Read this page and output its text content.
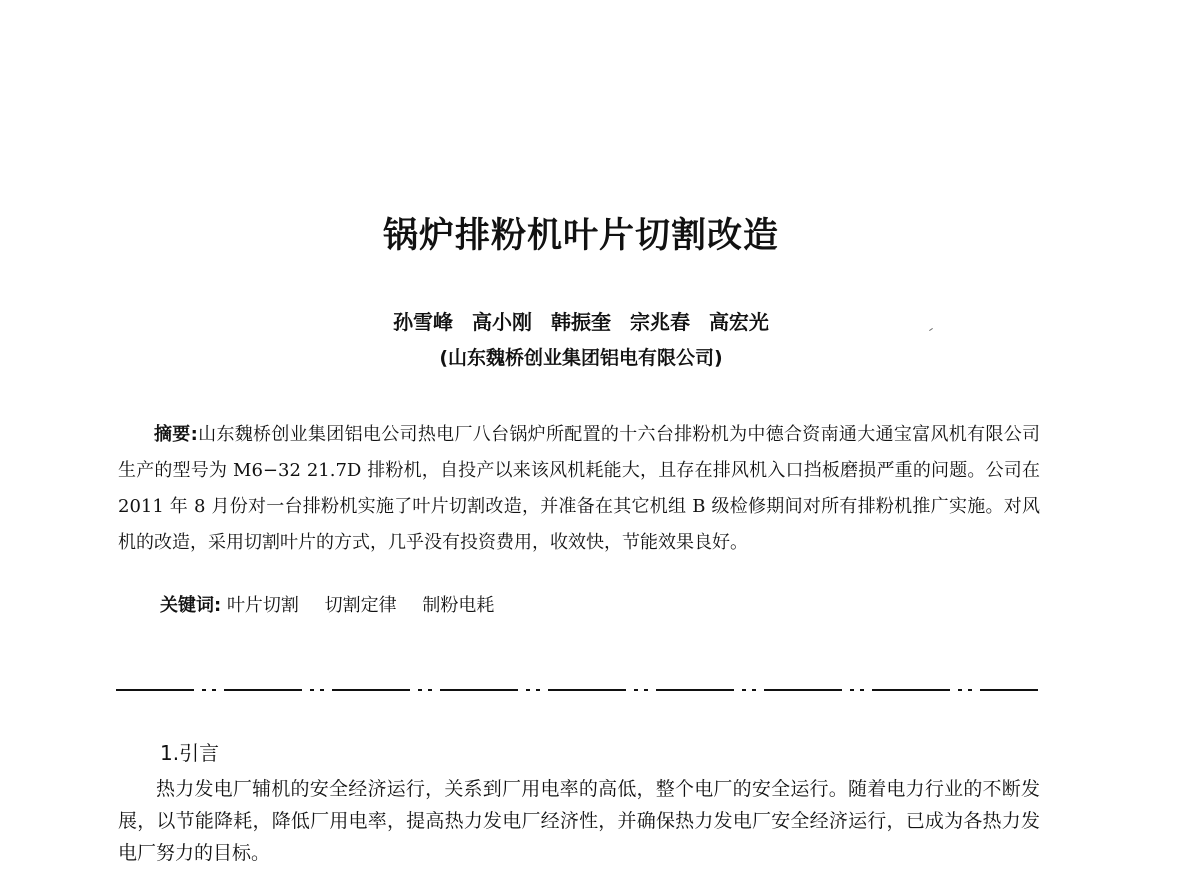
锅炉排粉机叶片切割改造
孙雪峰 高小刚 韩振奎 宗兆春 高宏光
(山东魏桥创业集团铝电有限公司)
摘要:山东魏桥创业集团铝电公司热电厂八台锅炉所配置的十六台排粉机为中德合资南通大通宝富风机有限公司生产的型号为 M6−32 21.7D 排粉机，自投产以来该风机耗能大，且存在排风机入口挡板磨损严重的问题。公司在 2011 年 8 月份对一台排粉机实施了叶片切割改造，并准备在其它机组 B 级检修期间对所有排粉机推广实施。对风机的改造，采用切割叶片的方式，几乎没有投资费用，收效快，节能效果良好。
关键词: 叶片切割 切割定律 制粉电耗
1.引言
热力发电厂辅机的安全经济运行，关系到厂用电率的高低，整个电厂的安全运行。随着电力行业的不断发展，以节能降耗，降低厂用电率，提高热力发电厂经济性，并确保热力发电厂安全经济运行，已成为各热力发电厂努力的目标。
